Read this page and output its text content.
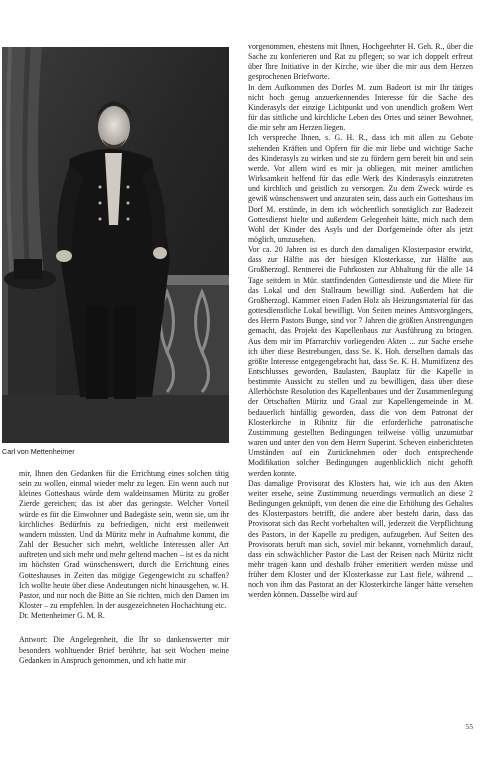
Carl von Mettenheimer

vorgenommen, ehestens mit Ihnen, Hochgeehrter H. Geh. R., über die Sache zu konferieren und Rat zu pflegen; so war ich doppelt erfreut über Ihre Initiative in der Kirche, wie über die mir aus dem Herzen gesprochenen Briefworte.

In dem Aufkommen des Dorfes M. zum Badeort ist mir Ihr tätiges nicht hoch genug anzuerkennendes Interesse für die Sache des Kinderasyls der einzige Lichtpunkt und von unendlich großem Wert für das sittliche und kirchliche Leben des Ortes und seiner Bewohner, die mir sehr am Herzen liegen.

Ich verspreche Ihnen, s. G. H. R., dass ich mit allen zu Gebote stehenden Kräften und Opfern für die mir liebe und wichtige Sache des Kinderasyls zu wirken und sie zu fördern gern bereit bin und sein werde. Vor allem wird es mir ja obliegen, mit meiner amtlichen Wirksamkeit helfend für das edle Werk des Kinderasyls einzutreten und kirchlich und geistlich zu versorgen. Zu dem Zweck würde es gewiß wünschenswert und anzuraten sein, dass auch ein Gotteshaus im Dorf M. erstünde, in dem ich wöchentlich sonntäglich zur Badezeit Gottesdienst hielte und außerdem Gelegenheit hätte, mich nach dem Wohl der Kinder des Asyls und der Dorfgemeinde öfter als jetzt möglich, umzusehen.

Vor ca. 20 Jahren ist es durch den damaligen Klosterpastor erwirkt, dass zur Hälfte aus der hiesigen Klosterkasse, zur Hälfte aus Großherzogl. Rentnerei die Fuhrkosten zur Abhaltung für die alle 14 Tage seitdem in Mür. stattfindenden Gottesdienste und die Miete für das Lokal und den Stallraum bewilligt sind. Außerdem hat die Großherzogl. Kammer einen Faden Holz als Heizungsmaterial für das gottesdienstliche Lokal bewilligt. Von Seiten meines Amtsvorgängers, des Herrn Pastors Bunge, sind vor 7 Jahren die größten Anstrengungen gemacht, das Projekt des Kapellenbaus zur Ausführung zu bringen. Aus dem mir im Pfarrarchiv vorliegenden Akten ... zur Sache ersehe ich über diese Bestrebungen, dass Se. K. Hoh. derselben damals das größte Interesse entgegengebracht hat, dass Se. K. H. Mumifizenz des Entschlusses geworden, Baulasten, Bauplatz für die Kapelle in bestimmte Aussicht zu stellen und zu bewilligen, dass über diese Allerhöchste Resolution des Kapellenbaues und der Zusammenlegung der Ortschaften Müritz und Graal zur Kapellengemeinde in M. bedauerlich hinfällig geworden, dass die von dem Patronat der Klosterkirche in Ribnitz für die erforderliche patronatische Zustimmung gestellten Bedingungen teilweise völlig unzumutbar waren und unter den von dem Herrn Superint. Scheven einberichteten Umständen auf ein Zurücknehmen oder doch entsprechende Modifikation solcher Bedingungen augenblicklich nicht gehofft werden konnte.

Das damalige Provisorat des Klosters hat, wie ich aus den Akten weiter ersehe, seine Zustimmung neuerdings vermutlich an diese 2 Bedingungen geknüpft, von denen die eine die Erhöhung des Gehaltes des Klosterpastors betrifft, die andere aber besteht darin, dass das Provisorat sich das Recht vorbehalten will, jederzeit die Verpflichtung des Pastors, in der Kapelle zu predigen, aufzugeben. Auf Seiten des Provisorats beruft man sich, soviel mir bekannt, vornehmlich darauf, dass ein schwächlicher Pastor die Last der Reisen nach Müritz nicht mehr tragen kann und deshalb früher emeritiert werden müsse und früher dem Kloster und der Klosterkasse zur Last fiele, während ... noch von ihm das Pastorat an der Klosterkirche länger hätte versehen werden können. Dasselbe wird auf

mir, Ihnen den Gedanken für die Errichtung eines solchen tätig sein zu wollen, einmal wieder mehr zu legen. Ein wenn auch nur kleines Gotteshaus würde dem waldeinsamen Müritz zu großer Zierde gereichen; das ist aber das geringste. Welcher Vorteil würde es für die Einwohner und Badegäste sein, wenn sie, um ihr kirchliches Bedürfnis zu befriedigen, nicht erst meilenweit wandern müssten. Und da Müritz mehr in Aufnahme kommt, die Zahl der Besucher sich mehrt, weltliche Interessen aller Art auftreten und sich mehr und mehr geltend machen – ist es da nicht im höchsten Grad wünschenswert, durch die Errichtung eines Gotteshauses in Zeiten das mögige Gegengewicht zu schaffen? Ich wollte heute über diese Andeutungen nicht hinausgehen, w. H. Pastor, und nur noch die Bitte an Sie richten, mich den Damen im Kloster – zu empfehlen. In der ausgezeichneten Hochachtung etc.

Dr. Mettenheimer G. M. R.

Antwort: Die Angelegenheit, die Ihr so dankenswerter mir besonders wohltuender Brief berührte, hat seit Wochen meine Gedanken in Anspruch genommen, und ich hatte mir

55
